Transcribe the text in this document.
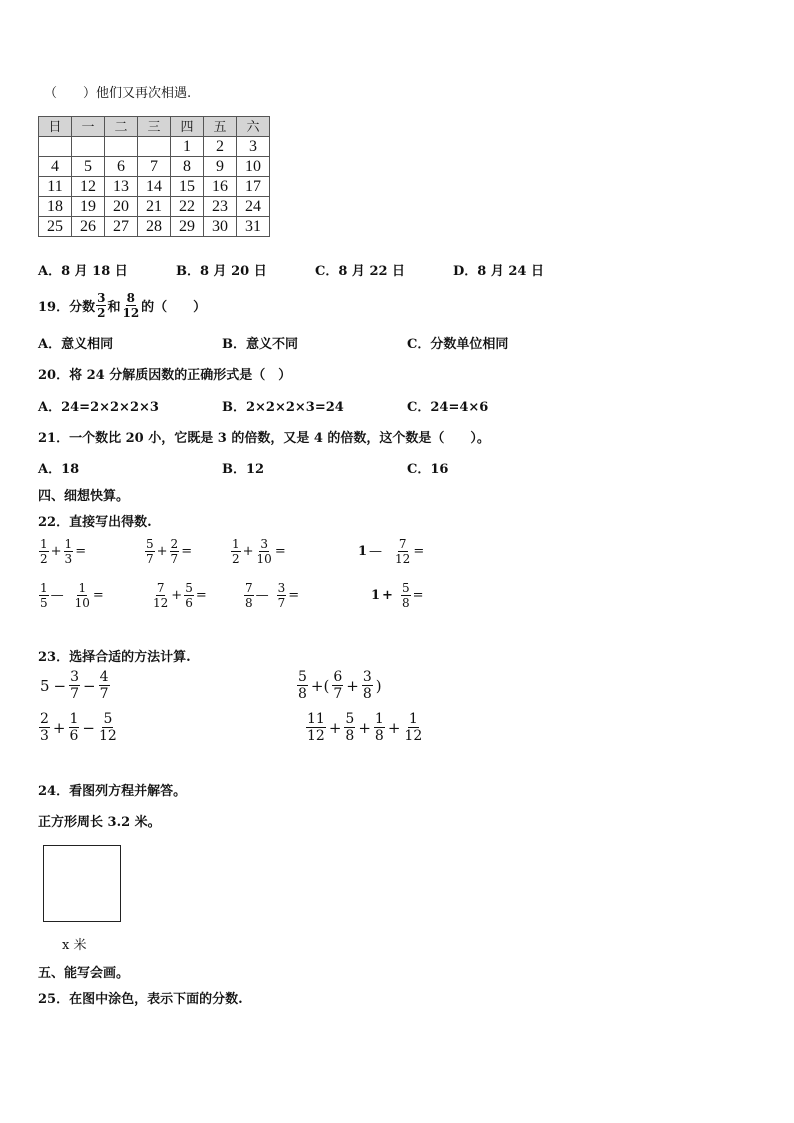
（　　）他们又再次相遇.
日	一	二	三	四	五	六
				1	2	3
4	5	6	7	8	9	10
11	12	13	14	15	16	17
18	19	20	21	22	23	24
25	26	27	28	29	30	31
A．8 月 18 日	B．8 月 20 日	C．8 月 22 日	D．8 月 24 日
19．分数 $\frac{3}{2}$ 和 $\frac{8}{12}$ 的（　　）
A．意义相同	B．意义不同	C．分数单位相同
20．将 24 分解质因数的正确形式是（　）
A．24=2×2×2×3	B．2×2×2×3=24	C．24=4×6
21．一个数比 20 小，它既是 3 的倍数，又是 4 的倍数，这个数是（　　）。
A．18	B．12	C．16
四、细想快算。
22．直接写出得数.
$\frac{1}{2} + \frac{1}{3}$ =	$\frac{5}{7} + \frac{2}{7}$ =	$\frac{1}{2} + \frac{3}{10}$ =	1 — $\frac{7}{12}$ =
$\frac{1}{5}$ — $\frac{1}{10}$ =	$\frac{7}{12} + \frac{5}{6}$ =	$\frac{7}{8}$ — $\frac{3}{7}$ =	$1 + \frac{5}{8}$ =
23．选择合适的方法计算.
$5 - \frac{3}{7} - \frac{4}{7}$	$\frac{5}{8}$ +( $\frac{6}{7} + \frac{3}{8}$ )
$\frac{2}{3} + \frac{1}{6} - \frac{5}{12}$	$\frac{11}{12} + \frac{5}{8} + \frac{1}{8} + \frac{1}{12}$
24．看图列方程并解答。
正方形周长 3.2 米。
x 米
五、能写会画。
25．在图中涂色，表示下面的分数.
